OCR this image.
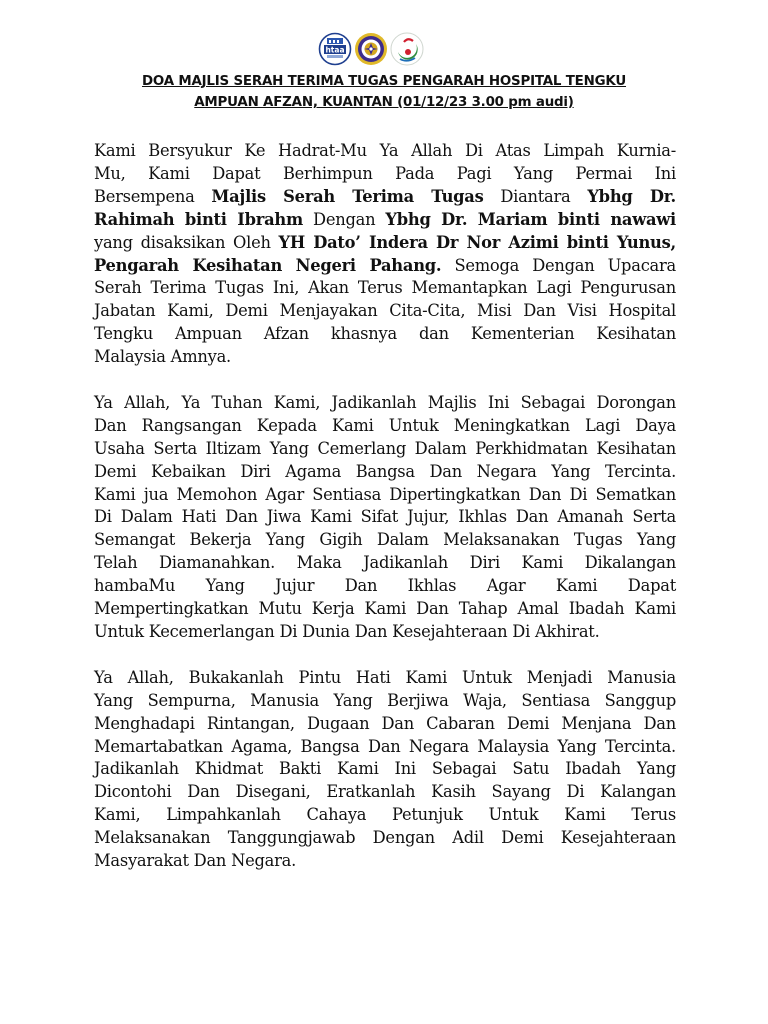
htaa
DOA MAJLIS SERAH TERIMA TUGAS PENGARAH HOSPITAL TENGKU
AMPUAN AFZAN, KUANTAN (01/12/23 3.00 pm audi)

Kami Bersyukur Ke Hadrat-Mu Ya Allah Di Atas Limpah Kurnia-
Mu, Kami Dapat Berhimpun Pada Pagi Yang Permai Ini
Bersempena Majlis Serah Terima Tugas Diantara Ybhg Dr.
Rahimah binti Ibrahm Dengan Ybhg Dr. Mariam binti nawawi
yang disaksikan Oleh YH Dato’ Indera Dr Nor Azimi binti Yunus,
Pengarah Kesihatan Negeri Pahang. Semoga Dengan Upacara
Serah Terima Tugas Ini, Akan Terus Memantapkan Lagi Pengurusan
Jabatan Kami, Demi Menjayakan Cita-Cita, Misi Dan Visi Hospital
Tengku Ampuan Afzan khasnya dan Kementerian Kesihatan
Malaysia Amnya.

Ya Allah, Ya Tuhan Kami, Jadikanlah Majlis Ini Sebagai Dorongan
Dan Rangsangan Kepada Kami Untuk Meningkatkan Lagi Daya
Usaha Serta Iltizam Yang Cemerlang Dalam Perkhidmatan Kesihatan
Demi Kebaikan Diri Agama Bangsa Dan Negara Yang Tercinta.
Kami jua Memohon Agar Sentiasa Dipertingkatkan Dan Di Sematkan
Di Dalam Hati Dan Jiwa Kami Sifat Jujur, Ikhlas Dan Amanah Serta
Semangat Bekerja Yang Gigih Dalam Melaksanakan Tugas Yang
Telah Diamanahkan. Maka Jadikanlah Diri Kami Dikalangan
hambaMu Yang Jujur Dan Ikhlas Agar Kami Dapat
Mempertingkatkan Mutu Kerja Kami Dan Tahap Amal Ibadah Kami
Untuk Kecemerlangan Di Dunia Dan Kesejahteraan Di Akhirat.

Ya Allah, Bukakanlah Pintu Hati Kami Untuk Menjadi Manusia
Yang Sempurna, Manusia Yang Berjiwa Waja, Sentiasa Sanggup
Menghadapi Rintangan, Dugaan Dan Cabaran Demi Menjana Dan
Memartabatkan Agama, Bangsa Dan Negara Malaysia Yang Tercinta.
Jadikanlah Khidmat Bakti Kami Ini Sebagai Satu Ibadah Yang
Dicontohi Dan Disegani, Eratkanlah Kasih Sayang Di Kalangan
Kami, Limpahkanlah Cahaya Petunjuk Untuk Kami Terus
Melaksanakan Tanggungjawab Dengan Adil Demi Kesejahteraan
Masyarakat Dan Negara.
